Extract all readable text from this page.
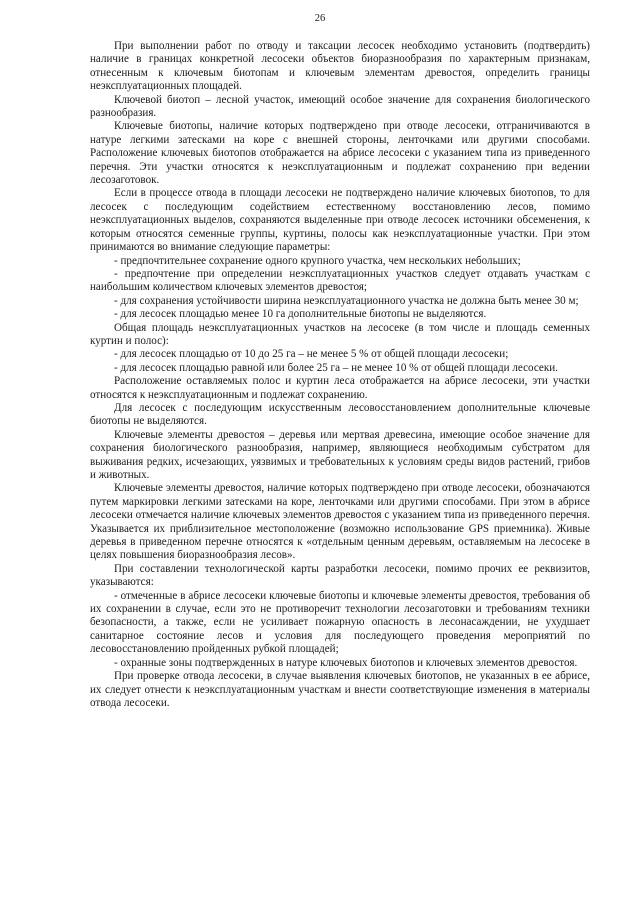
26

При выполнении работ по отводу и таксации лесосек необходимо установить (подтвердить) наличие в границах конкретной лесосеки объектов биоразнообразия по характерным признакам, отнесенным к ключевым биотопам и ключевым элементам древостоя, определить границы неэксплуатационных площадей.

Ключевой биотоп – лесной участок, имеющий особое значение для сохранения биологического разнообразия.

Ключевые биотопы, наличие которых подтверждено при отводе лесосеки, отграничиваются в натуре легкими затесками на коре с внешней стороны, ленточками или другими способами. Расположение ключевых биотопов отображается на абрисе лесосеки с указанием типа из приведенного перечня. Эти участки относятся к неэксплуатационным и подлежат сохранению при ведении лесозаготовок.

Если в процессе отвода в площади лесосеки не подтверждено наличие ключевых биотопов, то для лесосек с последующим содействием естественному восстановлению лесов, помимо неэксплуатационных выделов, сохраняются выделенные при отводе лесосек источники обсеменения, к которым относятся семенные группы, куртины, полосы как неэксплуатационные участки. При этом принимаются во внимание следующие параметры:

- предпочтительнее сохранение одного крупного участка, чем нескольких небольших;

- предпочтение при определении неэксплуатационных участков следует отдавать участкам с наибольшим количеством ключевых элементов древостоя;

- для сохранения устойчивости ширина неэксплуатационного участка не должна быть менее 30 м;

- для лесосек площадью менее 10 га дополнительные биотопы не выделяются.

Общая площадь неэксплуатационных участков на лесосеке (в том числе и площадь семенных куртин и полос):

- для лесосек площадью от 10 до 25 га – не менее 5 % от общей площади лесосеки;

- для лесосек площадью равной или более 25 га – не менее 10 % от общей площади лесосеки.

Расположение оставляемых полос и куртин леса отображается на абрисе лесосеки, эти участки относятся к неэксплуатационным и подлежат сохранению.

Для лесосек с последующим искусственным лесовосстановлением дополнительные ключевые биотопы не выделяются.

Ключевые элементы древостоя – деревья или мертвая древесина, имеющие особое значение для сохранения биологического разнообразия, например, являющиеся необходимым субстратом для выживания редких, исчезающих, уязвимых и требовательных к условиям среды видов растений, грибов и животных.

Ключевые элементы древостоя, наличие которых подтверждено при отводе лесосеки, обозначаются путем маркировки легкими затесками на коре, ленточками или другими способами. При этом в абрисе лесосеки отмечается наличие ключевых элементов древостоя с указанием типа из приведенного перечня. Указывается их приблизительное местоположение (возможно использование GPS приемника). Живые деревья в приведенном перечне относятся к «отдельным ценным деревьям, оставляемым на лесосеке в целях повышения биоразнообразия лесов».

При составлении технологической карты разработки лесосеки, помимо прочих ее реквизитов, указываются:

- отмеченные в абрисе лесосеки ключевые биотопы и ключевые элементы древостоя, требования об их сохранении в случае, если это не противоречит технологии лесозаготовки и требованиям техники безопасности, а также, если не усиливает пожарную опасность в лесонасаждении, не ухудшает санитарное состояние лесов и условия для последующего проведения мероприятий по лесовосстановлению пройденных рубкой площадей;

- охранные зоны подтвержденных в натуре ключевых биотопов и ключевых элементов древостоя.

При проверке отвода лесосеки, в случае выявления ключевых биотопов, не указанных в ее абрисе, их следует отнести к неэксплуатационным участкам и внести соответствующие изменения в материалы отвода лесосеки.
